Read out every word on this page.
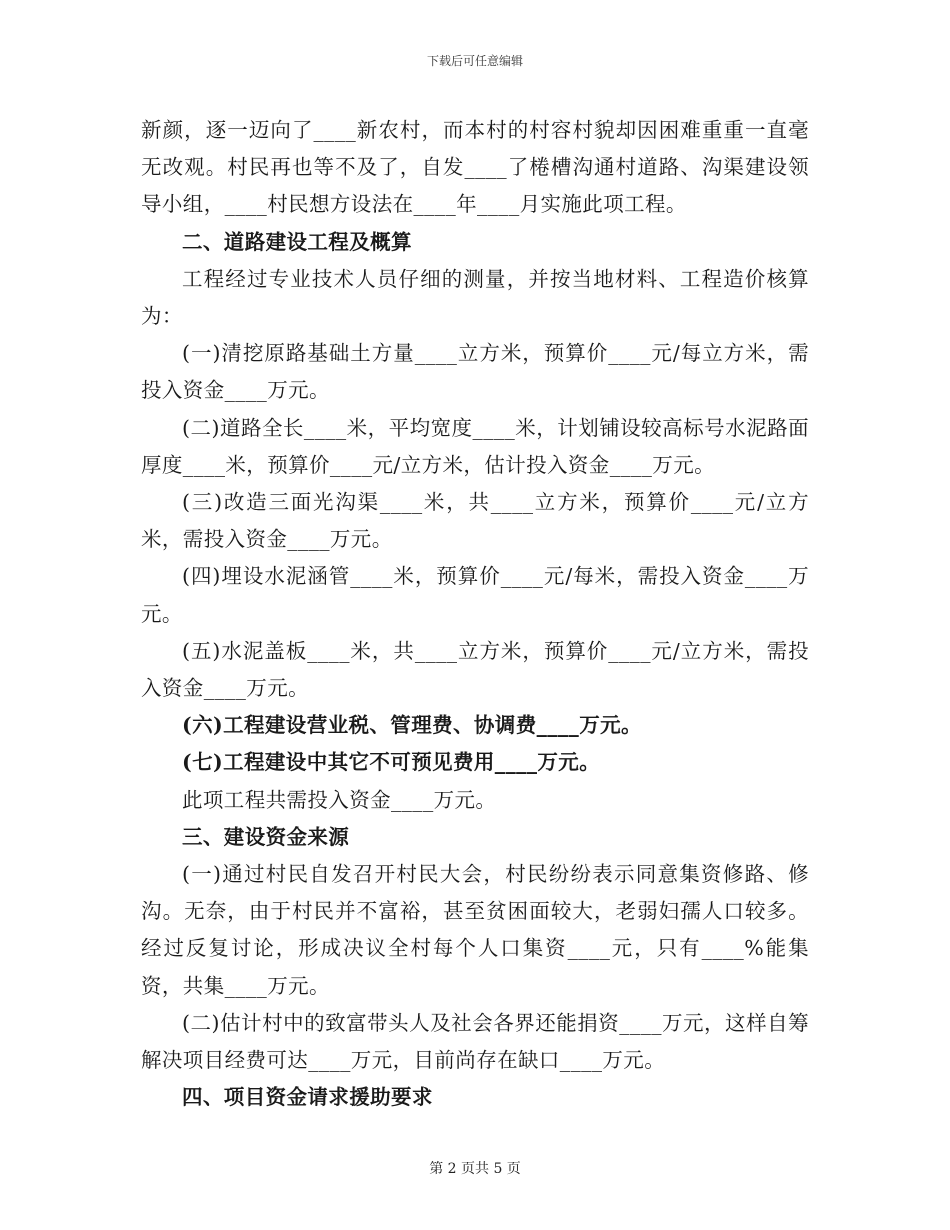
下载后可任意编辑

新颜，逐一迈向了____新农村，而本村的村容村貌却因困难重重一直毫无改观。村民再也等不及了，自发____了棬槽沟通村道路、沟渠建设领导小组，____村民想方设法在____年____月实施此项工程。

二、道路建设工程及概算

工程经过专业技术人员仔细的测量，并按当地材料、工程造价核算为：

(一)清挖原路基础土方量____立方米，预算价____元/每立方米，需投入资金____万元。

(二)道路全长____米，平均宽度____米，计划铺设较高标号水泥路面厚度____米，预算价____元/立方米，估计投入资金____万元。

(三)改造三面光沟渠____米，共____立方米，预算价____元/立方米，需投入资金____万元。

(四)埋设水泥涵管____米，预算价____元/每米，需投入资金____万元。

(五)水泥盖板____米，共____立方米，预算价____元/立方米，需投入资金____万元。

(六)工程建设营业税、管理费、协调费____万元。

(七)工程建设中其它不可预见费用____万元。

此项工程共需投入资金____万元。

三、建设资金来源

(一)通过村民自发召开村民大会，村民纷纷表示同意集资修路、修沟。无奈，由于村民并不富裕，甚至贫困面较大，老弱妇孺人口较多。经过反复讨论，形成决议全村每个人口集资____元，只有____%能集资，共集____万元。

(二)估计村中的致富带头人及社会各界还能捐资____万元，这样自筹解决项目经费可达____万元，目前尚存在缺口____万元。

四、项目资金请求援助要求

第 2 页共 5 页
